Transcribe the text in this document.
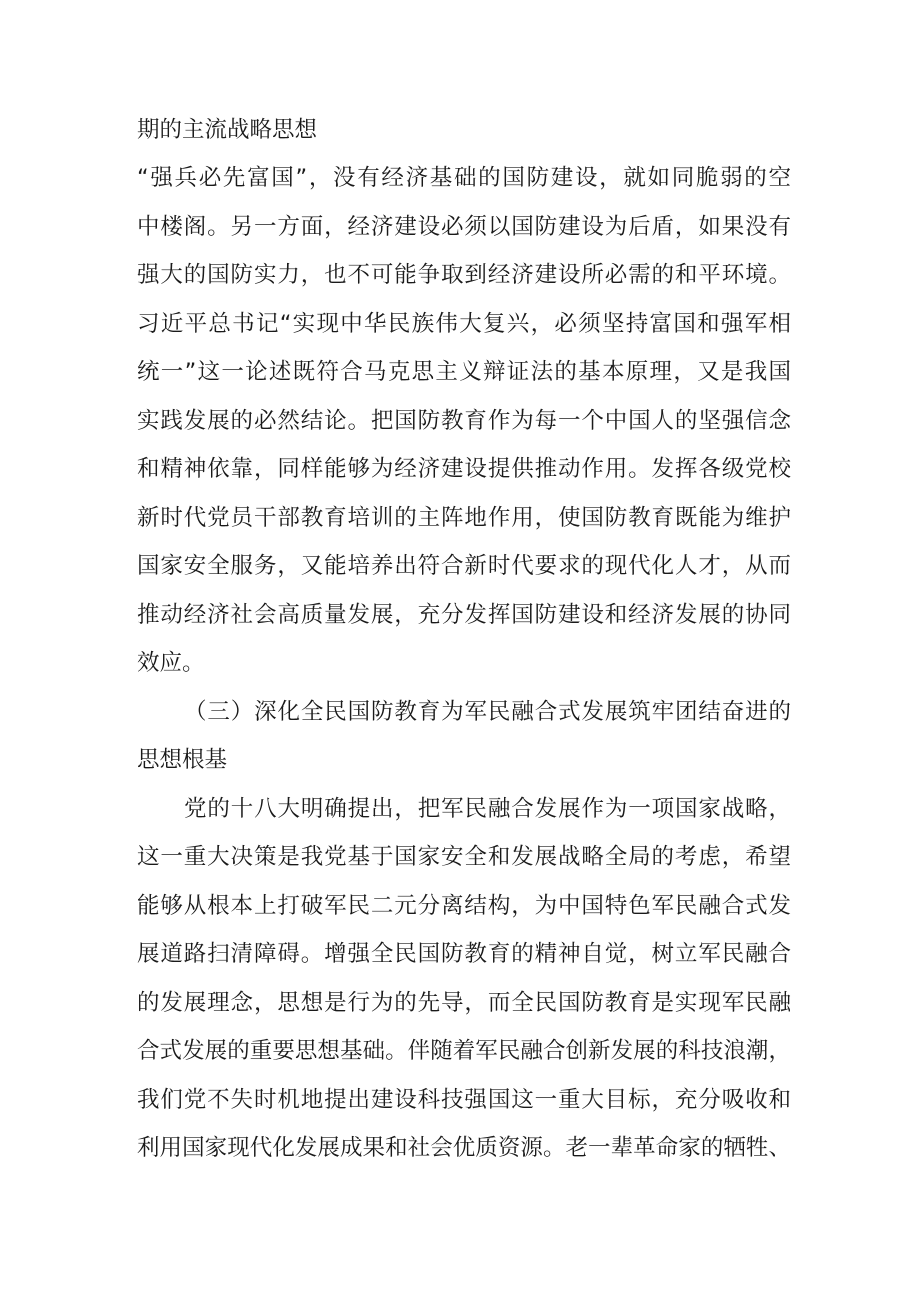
期的主流战略思想
“强兵必先富国”，没有经济基础的国防建设，就如同脆弱的空
中楼阁。另一方面，经济建设必须以国防建设为后盾，如果没有
强大的国防实力，也不可能争取到经济建设所必需的和平环境。
习近平总书记“实现中华民族伟大复兴，必须坚持富国和强军相
统一”这一论述既符合马克思主义辩证法的基本原理，又是我国
实践发展的必然结论。把国防教育作为每一个中国人的坚强信念
和精神依靠，同样能够为经济建设提供推动作用。发挥各级党校
新时代党员干部教育培训的主阵地作用，使国防教育既能为维护
国家安全服务，又能培养出符合新时代要求的现代化人才，从而
推动经济社会高质量发展，充分发挥国防建设和经济发展的协同
效应。
（三）深化全民国防教育为军民融合式发展筑牢团结奋进的
思想根基
党的十八大明确提出，把军民融合发展作为一项国家战略，
这一重大决策是我党基于国家安全和发展战略全局的考虑，希望
能够从根本上打破军民二元分离结构，为中国特色军民融合式发
展道路扫清障碍。增强全民国防教育的精神自觉，树立军民融合
的发展理念，思想是行为的先导，而全民国防教育是实现军民融
合式发展的重要思想基础。伴随着军民融合创新发展的科技浪潮，
我们党不失时机地提出建设科技强国这一重大目标，充分吸收和
利用国家现代化发展成果和社会优质资源。老一辈革命家的牺牲、
